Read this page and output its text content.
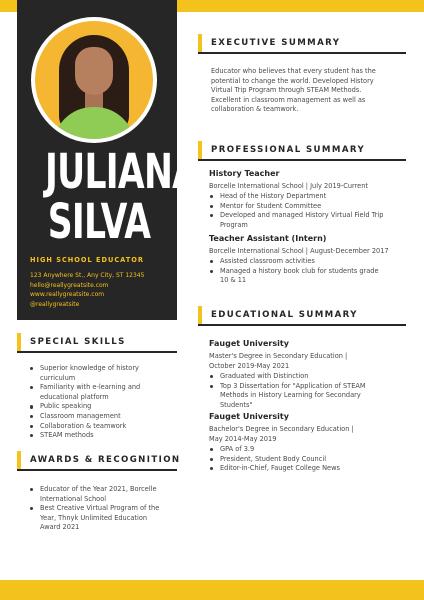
JULIANA
SILVA
HIGH SCHOOL EDUCATOR
123 Anywhere St., Any City, ST 12345
hello@reallygreatsite.com
www.reallygreatsite.com
@reallygreatsite
SPECIAL SKILLS
Superior knowledge of history curriculum
Familiarity with e-learning and educational platform
Public speaking
Classroom management
Collaboration & teamwork
STEAM methods
AWARDS & RECOGNITION
Educator of the Year 2021, Borcelle International School
Best Creative Virtual Program of the Year, Thnyk Unlimited Education Award 2021
EXECUTIVE SUMMARY
Educator who believes that every student has the potential to change the world. Developed History Virtual Trip Program through STEAM Methods. Excellent in classroom management as well as collaboration & teamwork.
PROFESSIONAL SUMMARY
History Teacher
Borcelle International School | July 2019-Current
Head of the History Department
Mentor for Student Committee
Developed and managed History Virtual Field Trip Program
Teacher Assistant (Intern)
Borcelle International School | August-December 2017
Assisted classroom activities
Managed a history book club for students grade 10 & 11
EDUCATIONAL SUMMARY
Fauget University
Master's Degree in Secondary Education | October 2019-May 2021
Graduated with Distinction
Top 3 Dissertation for "Application of STEAM Methods in History Learning for Secondary Students"
Fauget University
Bachelor's Degree in Secondary Education | May 2014-May 2019
GPA of 3.9
President, Student Body Council
Editor-in-Chief, Fauget College News
